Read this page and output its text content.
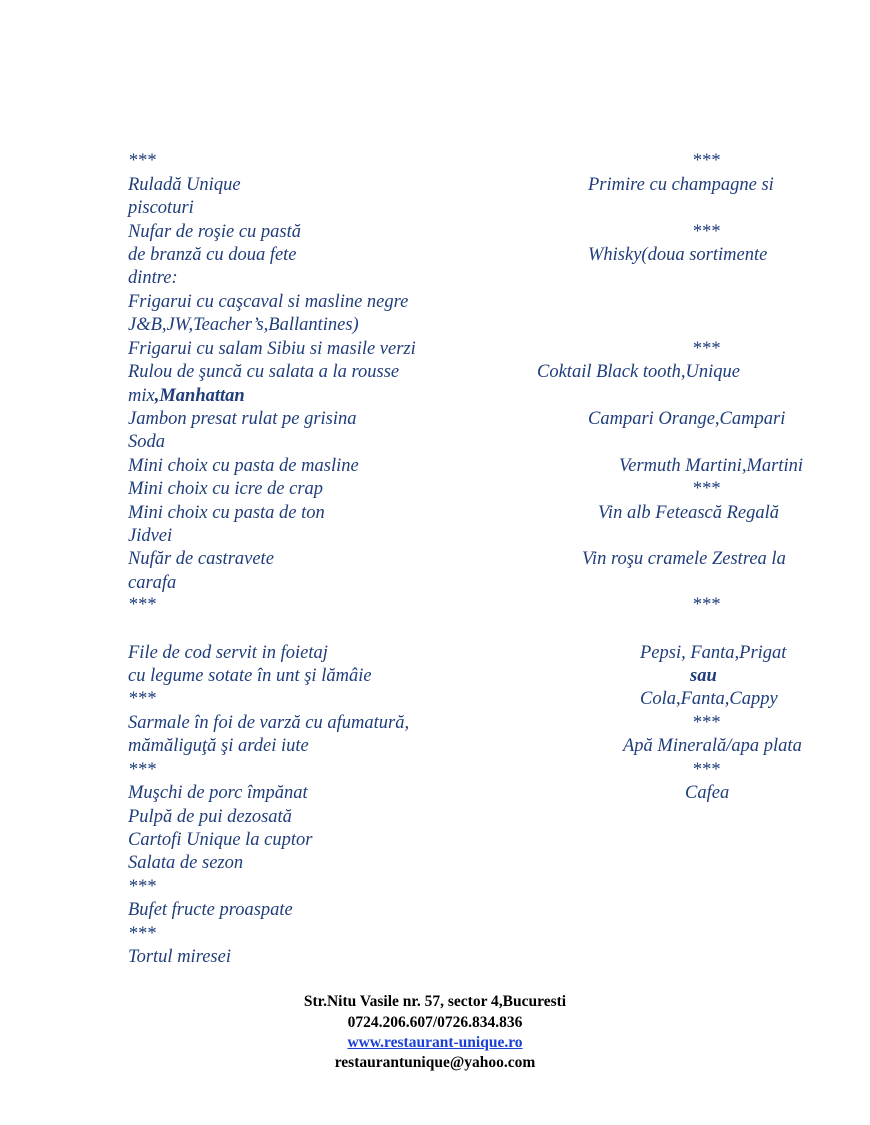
***
Ruladă Unique
piscoturi
Nufar de roşie cu pastă
de branză cu doua fete
dintre:
Frigarui cu caşcaval si masline negre
J&B,JW,Teacher’s,Ballantines)
Frigarui cu salam Sibiu si masile verzi
Rulou de şuncă cu salata a la rousse
mix,Manhattan
Jambon presat rulat pe grisina
Soda
Mini choix cu pasta de masline
Mini choix cu icre de crap
Mini choix cu pasta de ton
Jidvei
Nufăr de castravete
carafa
***
File de cod servit in foietaj
cu legume sotate în unt şi lămâie
***
Sarmale în foi de varză cu afumatură,
mămăliguţă şi ardei iute
***
Muşchi de porc împănat
Pulpă de pui dezosată
Cartofi Unique la cuptor
Salata de sezon
***
Bufet fructe proaspate
***
Tortul miresei
***
Primire cu champagne si
***
Whisky(doua sortimente
***
Coktail Black tooth,Unique
Campari Orange,Campari
Vermuth Martini,Martini
***
Vin alb Fetească Regală
Vin roşu cramele Zestrea la
***
Pepsi, Fanta,Prigat
sau
Cola,Fanta,Cappy
***
Apă Minerală/apa plata
***
Cafea
Str.Nitu Vasile nr. 57, sector 4,Bucuresti
0724.206.607/0726.834.836
www.restaurant-unique.ro
restaurantunique@yahoo.com
